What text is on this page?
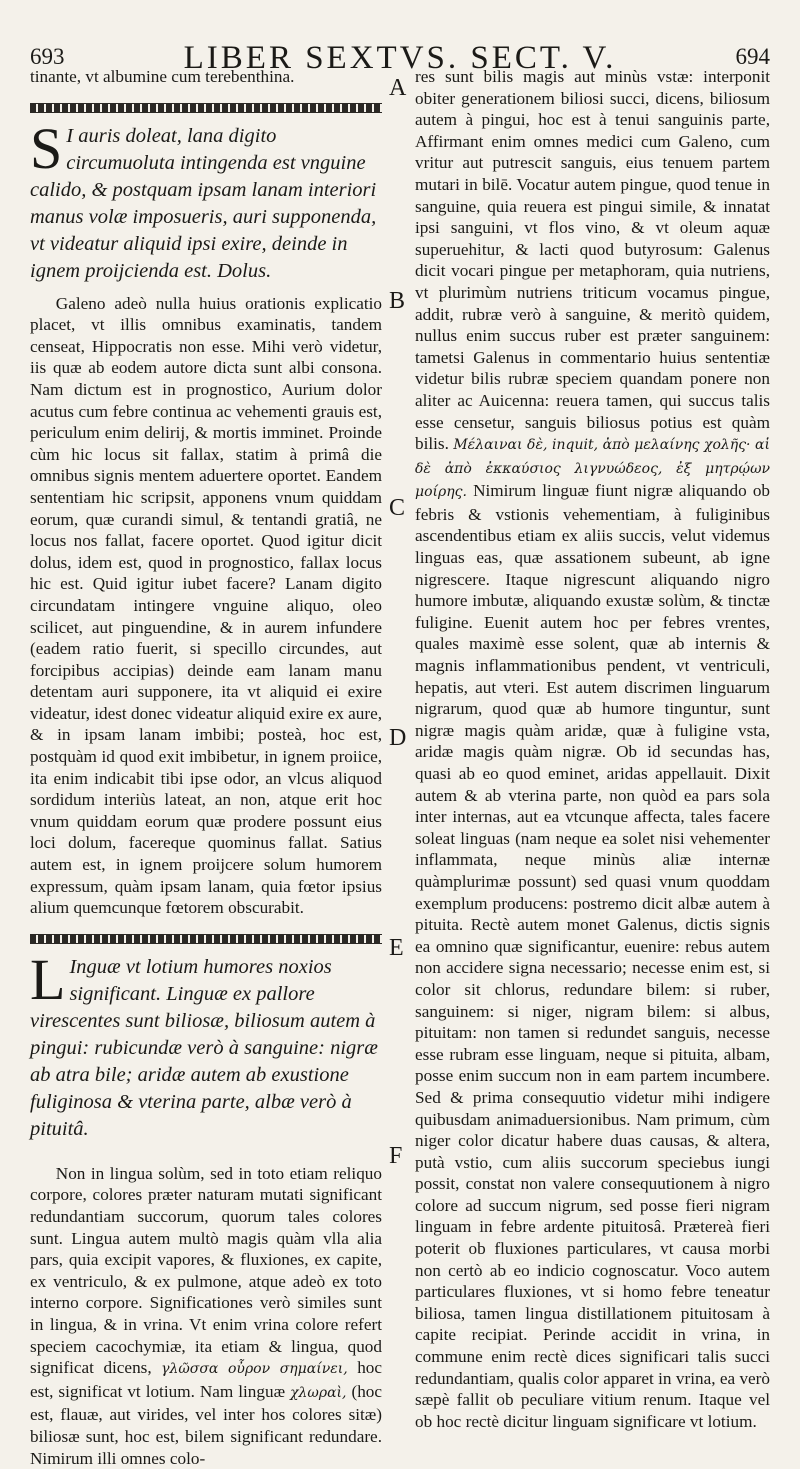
693	LIBER SEXTVS. SECT. V.	694

tinante, vt albumine cum terebenthina.

S I auris doleat, lana digito circumuoluta intingenda est vnguine calido, & postquam ipsam lanam interiori manus volæ imposueris, auri supponenda, vt videatur aliquid ipsi exire, deinde in ignem proijcienda est. Dolus.

Galeno adeò nulla huius orationis explicatio placet, vt illis omnibus examinatis, tandem censeat, Hippocratis non esse. Mihi verò videtur, iis quæ ab eodem autore dicta sunt albi consona. Nam dictum est in prognostico, Aurium dolor acutus cum febre continua ac vehementi grauis est, periculum enim delirij, & mortis imminet. Proinde cùm hic locus sit fallax, statim à primâ die omnibus signis mentem aduertere oportet. Eandem sententiam hic scripsit, apponens vnum quiddam eorum, quæ curandi simul, & tentandi gratiâ, ne locus nos fallat, facere oportet. Quod igitur dicit dolus, idem est, quod in prognostico, fallax locus hic est. Quid igitur iubet facere? Lanam digito circundatam intingere vnguine aliquo, oleo scilicet, aut pinguendine, & in aurem infundere (eadem ratio fuerit, si specillo circundes, aut forcipibus accipias) deinde eam lanam manu detentam auri supponere, ita vt aliquid ei exire videatur, idest donec videatur aliquid exire ex aure, & in ipsam lanam imbibi; posteà, hoc est, postquàm id quod exit imbibetur, in ignem proiice, ita enim indicabit tibi ipse odor, an vlcus aliquod sordidum interiùs lateat, an non, atque erit hoc vnum quiddam eorum quæ prodere possunt eius loci dolum, facereque quominus fallat. Satius autem est, in ignem proijcere solum humorem expressum, quàm ipsam lanam, quia fœtor ipsius alium quemcunque fœtorem obscurabit.

L Inguæ vt lotium humores noxios significant. Linguæ ex pallore virescentes sunt biliosæ, biliosum autem à pingui: rubicundæ verò à sanguine: nigræ ab atra bile; aridæ autem ab exustione fuliginosa & vterina parte, albæ verò à pituitâ.

Non in lingua solùm, sed in toto etiam reliquo corpore, colores præter naturam mutati significant redundantiam succorum, quorum tales colores sunt. Lingua autem multò magis quàm vlla alia pars, quia excipit vapores, & fluxiones, ex capite, ex ventriculo, & ex pulmone, atque adeò ex toto interno corpore. Significationes verò similes sunt in lingua, & in vrina. Vt enim vrina colore refert speciem cacochymiæ, ita etiam & lingua, quod significat dicens, γλῶσσα οὖρον σημαίνει, hoc est, significat vt lotium. Nam linguæ χλωραὶ, (hoc est, flauæ, aut virides, vel inter hos colores sitæ) biliosæ sunt, hoc est, bilem significant redundare. Nimirum illi omnes colo-

res sunt bilis magis aut minùs vstæ: interponit obiter generationem biliosi succi, dicens, biliosum autem à pingui, hoc est à tenui sanguinis parte, Affirmant enim omnes medici cum Galeno, cum vritur aut putrescit sanguis, eius tenuem partem mutari in bilē. Vocatur autem pingue, quod tenue in sanguine, quia reuera est pingui simile, & innatat ipsi sanguini, vt flos vino, & vt oleum aquæ superuehitur, & lacti quod butyrosum: Galenus dicit vocari pingue per metaphoram, quia nutriens, vt plurimùm nutriens triticum vocamus pingue, addit, rubræ verò à sanguine, & meritò quidem, nullus enim succus ruber est præter sanguinem: tametsi Galenus in commentario huius sententiæ videtur bilis rubræ speciem quandam ponere non aliter ac Auicenna: reuera tamen, qui succus talis esse censetur, sanguis biliosus potius est quàm bilis. Μέλαιναι δὲ, inquit, ἀπὸ μελαίνης χολῆς· αἱ δὲ ἀπὸ ἐκκαύσιος λιγνυώδεος, ἐξ μητρῴων μοίρης. Nimirum linguæ fiunt nigræ aliquando ob febris & vstionis vehementiam, à fuliginibus ascendentibus etiam ex aliis succis, velut videmus linguas eas, quæ assationem subeunt, ab igne nigrescere. Itaque nigrescunt aliquando nigro humore imbutæ, aliquando exustæ solùm, & tinctæ fuligine. Euenit autem hoc per febres vrentes, quales maximè esse solent, quæ ab internis & magnis inflammationibus pendent, vt ventriculi, hepatis, aut vteri. Est autem discrimen linguarum nigrarum, quod quæ ab humore tinguntur, sunt nigræ magis quàm aridæ, quæ à fuligine vsta, aridæ magis quàm nigræ. Ob id secundas has, quasi ab eo quod eminet, aridas appellauit. Dixit autem & ab vterina parte, non quòd ea pars sola inter internas, aut ea vtcunque affecta, tales facere soleat linguas (nam neque ea solet nisi vehementer inflammata, neque minùs aliæ internæ quàmplurimæ possunt) sed quasi vnum quoddam exemplum producens: postremo dicit albæ autem à pituita. Rectè autem monet Galenus, dictis signis ea omnino quæ significantur, euenire: rebus autem non accidere signa necessario; necesse enim est, si color sit chlorus, redundare bilem: si ruber, sanguinem: si niger, nigram bilem: si albus, pituitam: non tamen si redundet sanguis, necesse esse rubram esse linguam, neque si pituita, albam, posse enim succum non in eam partem incumbere. Sed & prima consequutio videtur mihi indigere quibusdam animaduersionibus. Nam primum, cùm niger color dicatur habere duas causas, & altera, putà vstio, cum aliis succorum speciebus iungi possit, constat non valere consequutionem à nigro colore ad succum nigrum, sed posse fieri nigram linguam in febre ardente pituitosâ. Prætereà fieri poterit ob fluxiones particulares, vt causa morbi non certò ab eo indicio cognoscatur. Voco autem particulares fluxiones, vt si homo febre teneatur biliosa, tamen lingua distillationem pituitosam à capite recipiat. Perinde accidit in vrina, in commune enim rectè dices significari talis succi redundantiam, qualis color apparet in vrina, ea verò sæpè fallit ob peculiare vitium renum. Itaque vel ob hoc rectè dicitur linguam significare vt lotium.

A
B
C
D
E
F
